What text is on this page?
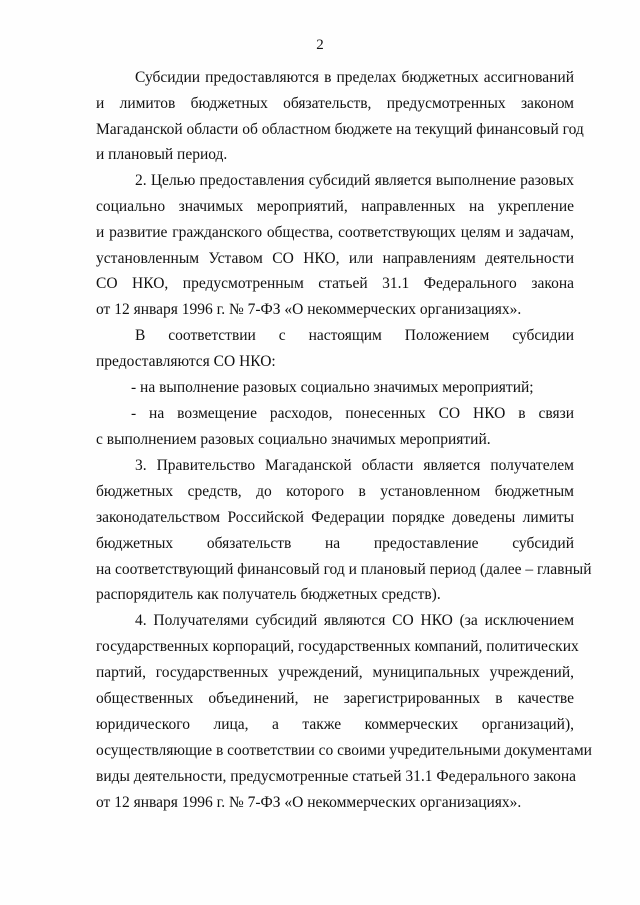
2
Субсидии предоставляются в пределах бюджетных ассигнований
и лимитов бюджетных обязательств, предусмотренных законом
Магаданской области об областном бюджете на текущий финансовый год
и плановый период.
2. Целью предоставления субсидий является выполнение разовых
социально значимых мероприятий, направленных на укрепление
и развитие гражданского общества, соответствующих целям и задачам,
установленным Уставом СО НКО, или направлениям деятельности
СО НКО, предусмотренным статьей 31.1 Федерального закона
от 12 января 1996 г. № 7-ФЗ «О некоммерческих организациях».
В соответствии с настоящим Положением субсидии
предоставляются СО НКО:
- на выполнение разовых социально значимых мероприятий;
- на возмещение расходов, понесенных СО НКО в связи
с выполнением разовых социально значимых мероприятий.
3. Правительство Магаданской области является получателем
бюджетных средств, до которого в установленном бюджетным
законодательством Российской Федерации порядке доведены лимиты
бюджетных обязательств на предоставление субсидий
на соответствующий финансовый год и плановый период (далее – главный
распорядитель как получатель бюджетных средств).
4. Получателями субсидий являются СО НКО (за исключением
государственных корпораций, государственных компаний, политических
партий, государственных учреждений, муниципальных учреждений,
общественных объединений, не зарегистрированных в качестве
юридического лица, а также коммерческих организаций),
осуществляющие в соответствии со своими учредительными документами
виды деятельности, предусмотренные статьей 31.1 Федерального закона
от 12 января 1996 г. № 7-ФЗ «О некоммерческих организациях».
